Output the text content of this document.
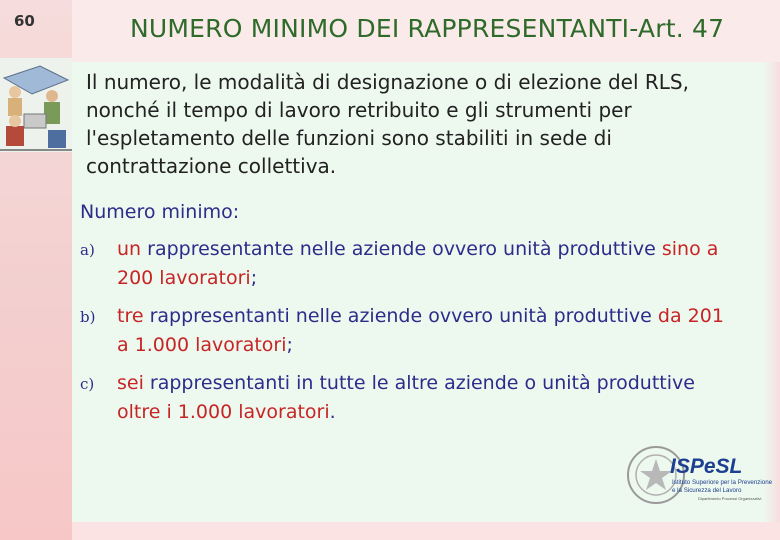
60	NUMERO MINIMO DEI RAPPRESENTANTI-Art. 47
Il numero, le modalità di designazione o di elezione del RLS, nonché il tempo di lavoro retribuito e gli strumenti per l'espletamento delle funzioni sono stabiliti in sede di contrattazione collettiva.
Numero minimo:
a) un rappresentante nelle aziende ovvero unità produttive sino a 200 lavoratori;
b) tre rappresentanti nelle aziende ovvero unità produttive da 201 a 1.000 lavoratori;
c) sei rappresentanti in tutte le altre aziende o unità produttive oltre i 1.000 lavoratori.
ISPeSL
Istituto Superiore per la Prevenzione
e la Sicurezza del Lavoro
Dipartimento Processi Organizzativi
